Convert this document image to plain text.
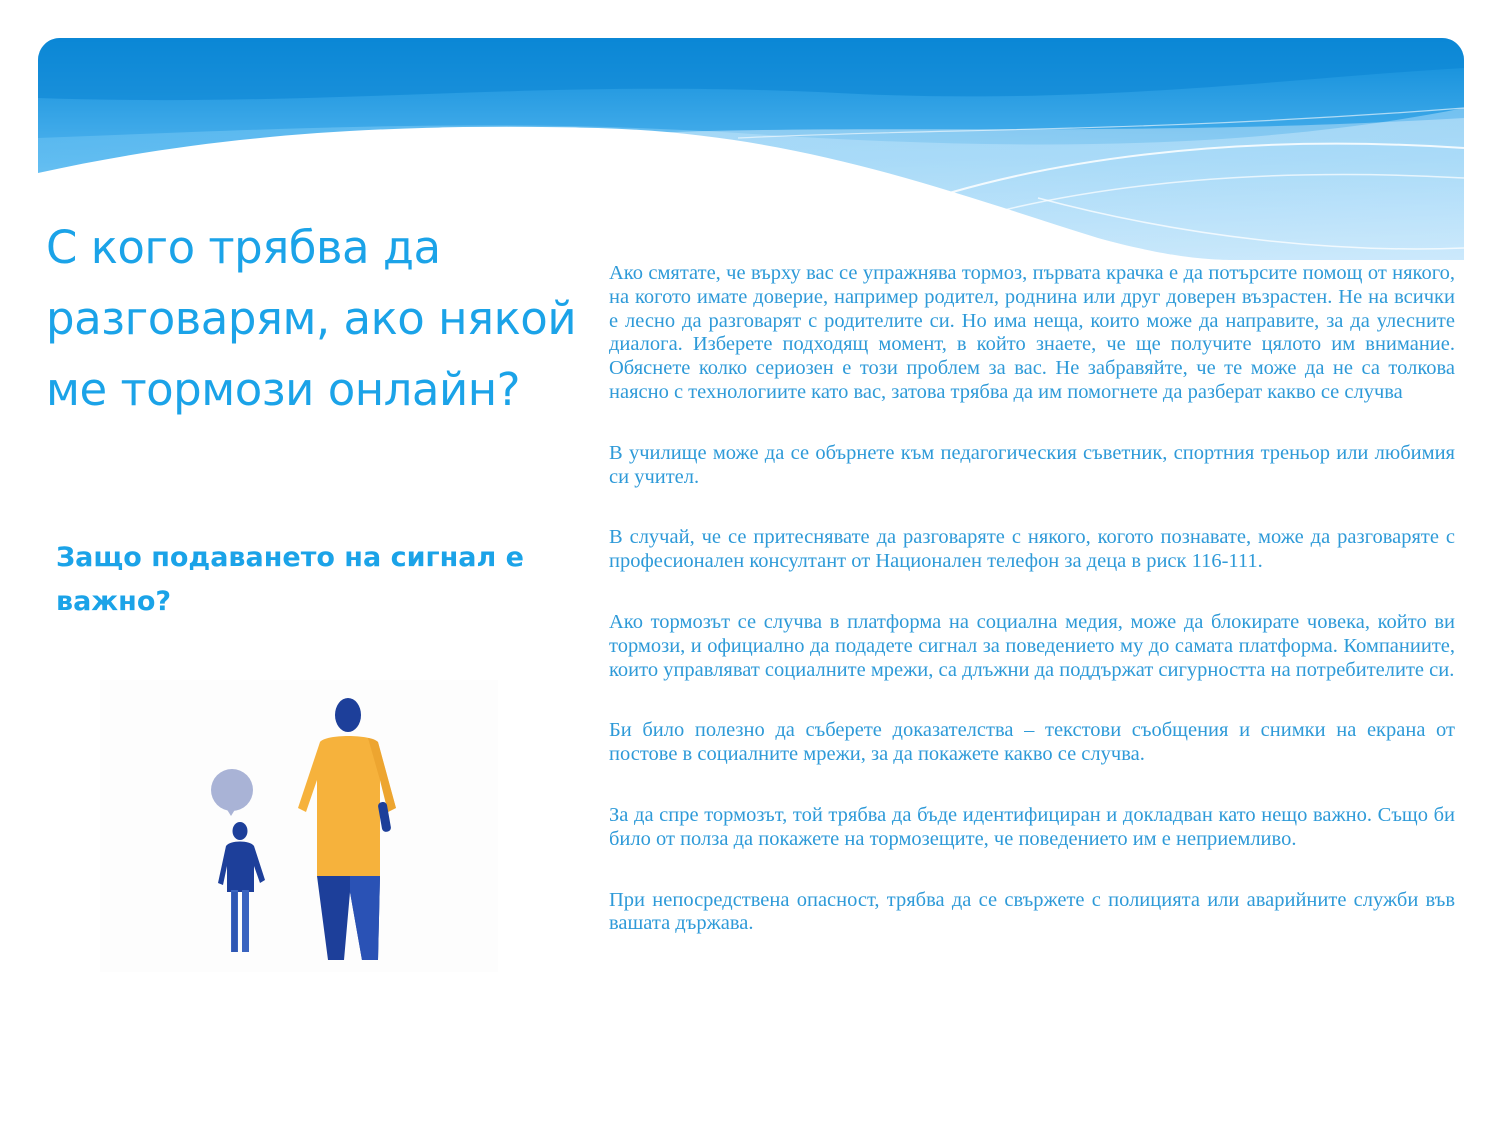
С кого трябва да разговарям, ако някой ме тормози онлайн?
Защо подаването на сигнал е важно?

Ако смятате, че върху вас се упражнява тормоз, първата крачка е да потърсите помощ от някого, на когото имате доверие, например родител, роднина или друг доверен възрастен. Не на всички е лесно да разговарят с родителите си. Но има неща, които може да направите, за да улесните диалога. Изберете подходящ момент, в който знаете, че ще получите цялото им внимание. Обяснете колко сериозен е този проблем за вас. Не забравяйте, че те може да не са толкова наясно с технологиите като вас, затова трябва да им помогнете да разберат какво се случва

В училище може да се обърнете към педагогическия съветник, спортния треньор или любимия си учител.

В случай, че се притеснявате да разговаряте с някого, когото познавате, може да разговаряте с професионален консултант от Национален телефон за деца в риск 116-111.

Ако тормозът се случва в платформа на социална медия, може да блокирате човека, който ви тормози, и официално да подадете сигнал за поведението му до самата платформа. Компаниите, които управляват социалните мрежи, са длъжни да поддържат сигурността на потребителите си.

Би било полезно да съберете доказателства – текстови съобщения и снимки на екрана от постове в социалните мрежи, за да покажете какво се случва.

За да спре тормозът, той трябва да бъде идентифициран и докладван като нещо важно. Също би било от полза да покажете на тормозещите, че поведението им е неприемливо.

При непосредствена опасност, трябва да се свържете с полицията или аварийните служби във вашата държава.
